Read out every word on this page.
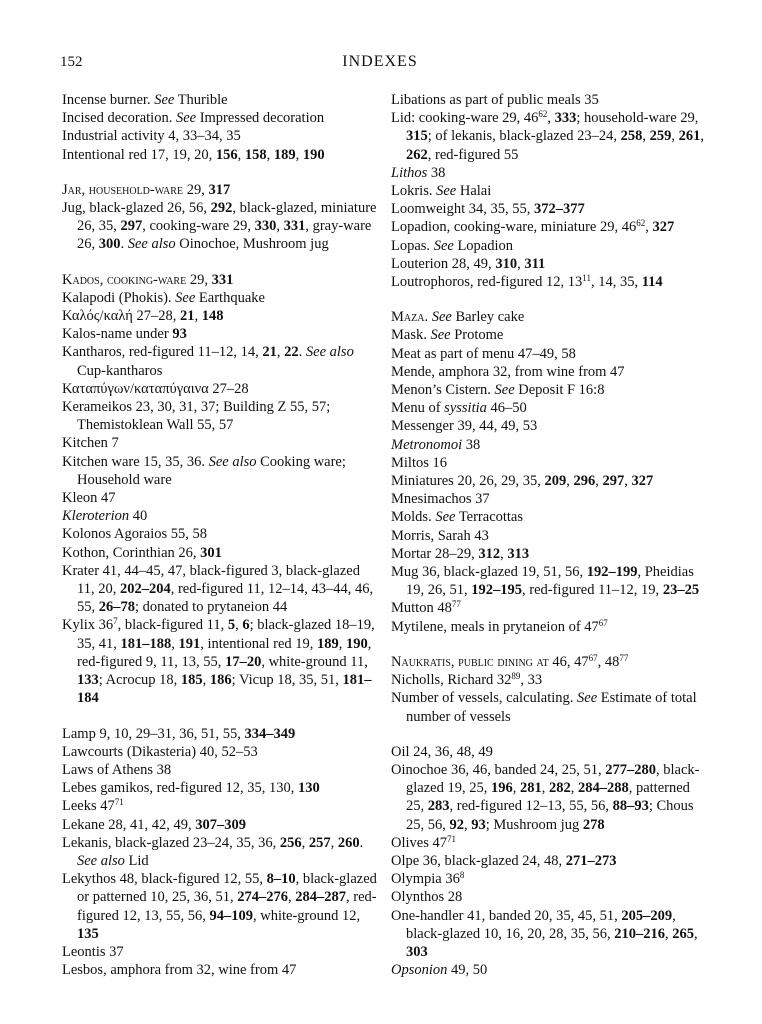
152	INDEXES
Incense burner. See Thurible
Incised decoration. See Impressed decoration
Industrial activity 4, 33–34, 35
Intentional red 17, 19, 20, 156, 158, 189, 190
Jar, household-ware 29, 317
Jug, black-glazed 26, 56, 292, black-glazed, miniature 26, 35, 297, cooking-ware 29, 330, 331, gray-ware 26, 300. See also Oinochoe, Mushroom jug
Kados, cooking-ware 29, 331
Kalapodi (Phokis). See Earthquake
Καλός/καλή 27–28, 21, 148
Kalos-name under 93
Kantharos, red-figured 11–12, 14, 21, 22. See also Cup-kantharos
Καταπύγων/καταπύγαινα 27–28
Kerameikos 23, 30, 31, 37; Building Z 55, 57; Themistoklean Wall 55, 57
Kitchen 7
Kitchen ware 15, 35, 36. See also Cooking ware; Household ware
Kleon 47
Kleroterion 40
Kolonos Agoraios 55, 58
Kothon, Corinthian 26, 301
Krater 41, 44–45, 47, black-figured 3, black-glazed 11, 20, 202–204, red-figured 11, 12–14, 43–44, 46, 55, 26–78; donated to prytaneion 44
Kylix $36^7$, black-figured 11, 5, 6; black-glazed 18–19, 35, 41, 181–188, 191, intentional red 19, 189, 190, red-figured 9, 11, 13, 55, 17–20, white-ground 11, 133; Acrocup 18, 185, 186; Vicup 18, 35, 51, 181–184
Lamp 9, 10, 29–31, 36, 51, 55, 334–349
Lawcourts (Dikasteria) 40, 52–53
Laws of Athens 38
Lebes gamikos, red-figured 12, 35, 130, 130
Leeks $47^{71}$
Lekane 28, 41, 42, 49, 307–309
Lekanis, black-glazed 23–24, 35, 36, 256, 257, 260. See also Lid
Lekythos 48, black-figured 12, 55, 8–10, black-glazed or patterned 10, 25, 36, 51, 274–276, 284–287, red-figured 12, 13, 55, 56, 94–109, white-ground 12, 135
Leontis 37
Lesbos, amphora from 32, wine from 47
Libations as part of public meals 35
Lid: cooking-ware 29, $46^{62}$, 333; household-ware 29, 315; of lekanis, black-glazed 23–24, 258, 259, 261, 262, red-figured 55
Lithos 38
Lokris. See Halai
Loomweight 34, 35, 55, 372–377
Lopadion, cooking-ware, miniature 29, $46^{62}$, 327
Lopas. See Lopadion
Louterion 28, 49, 310, 311
Loutrophoros, red-figured 12, $13^{11}$, 14, 35, 114
Maza. See Barley cake
Mask. See Protome
Meat as part of menu 47–49, 58
Mende, amphora 32, from wine from 47
Menon’s Cistern. See Deposit F 16:8
Menu of syssitia 46–50
Messenger 39, 44, 49, 53
Metronomoi 38
Miltos 16
Miniatures 20, 26, 29, 35, 209, 296, 297, 327
Mnesimachos 37
Molds. See Terracottas
Morris, Sarah 43
Mortar 28–29, 312, 313
Mug 36, black-glazed 19, 51, 56, 192–199, Pheidias 19, 26, 51, 192–195, red-figured 11–12, 19, 23–25
Mutton $48^{77}$
Mytilene, meals in prytaneion of $47^{67}$
Naukratis, public dining at 46, $47^{67}$, $48^{77}$
Nicholls, Richard $32^{89}$, 33
Number of vessels, calculating. See Estimate of total number of vessels
Oil 24, 36, 48, 49
Oinochoe 36, 46, banded 24, 25, 51, 277–280, black-glazed 19, 25, 196, 281, 282, 284–288, patterned 25, 283, red-figured 12–13, 55, 56, 88–93; Chous 25, 56, 92, 93; Mushroom jug 278
Olives $47^{71}$
Olpe 36, black-glazed 24, 48, 271–273
Olympia $36^8$
Olynthos 28
One-handler 41, banded 20, 35, 45, 51, 205–209, black-glazed 10, 16, 20, 28, 35, 56, 210–216, 265, 303
Opsonion 49, 50
